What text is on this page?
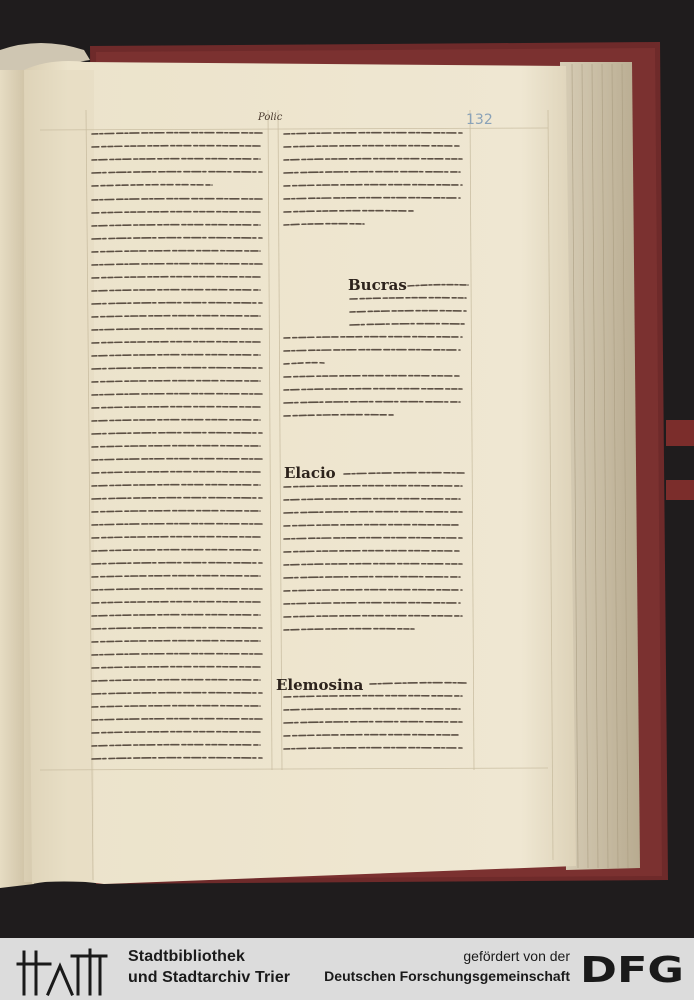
Polic	132
Bucras
Elacio
Elemosina
Stadtbibliothek
und Stadtarchiv Trier
gefördert von der
Deutschen Forschungsgemeinschaft DFG
